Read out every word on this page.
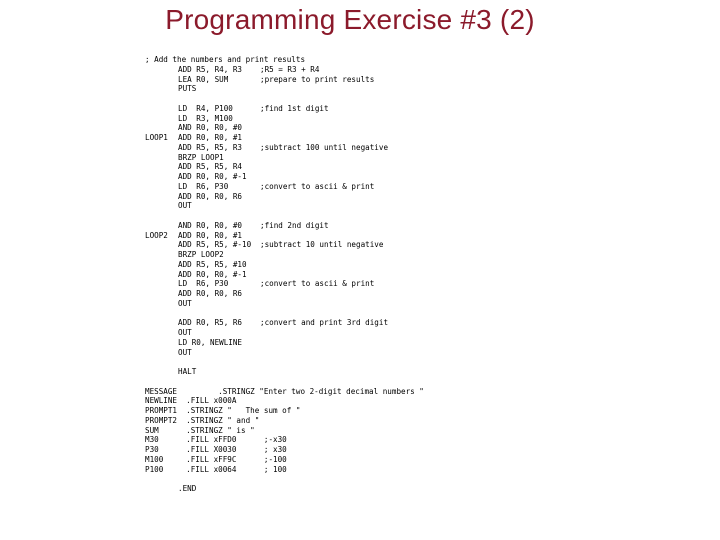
Programming Exercise #3 (2)
; Add the numbers and print results
ADD R5, R4, R3 ;R5 = R3 + R4
LEA R0, SUM	;prepare to print results
PUTS
LD  R4, P100	;find 1st digit
LD  R3, M100
AND R0, R0, #0
LOOP1 ADD R0, R0, #1
ADD R5, R5, R3 ;subtract 100 until negative
BRZP LOOP1
ADD R5, R5, R4
ADD R0, R0, #-1
LD  R6, P30	;convert to ascii & print
ADD R0, R0, R6
OUT
AND R0, R0, #0 ;find 2nd digit
LOOP2 ADD R0, R0, #1
ADD R5, R5, #-10 ;subtract 10 until negative
BRZP LOOP2
ADD R5, R5, #10
ADD R0, R0, #-1
LD  R6, P30	;convert to ascii & print
ADD R0, R0, R6
OUT
ADD R0, R5, R6 ;convert and print 3rd digit
OUT
LD R0, NEWLINE
OUT
HALT
MESSAGE         .STRINGZ "Enter two 2-digit decimal numbers "
NEWLINE  .FILL x000A
PROMPT1  .STRINGZ "   The sum of "
PROMPT2  .STRINGZ " and "
SUM      .STRINGZ " is "
M30      .FILL xFFD0      ;-x30
P30      .FILL X0030      ; x30
M100     .FILL xFF9C      ;-100
P100     .FILL x0064      ; 100
.END
